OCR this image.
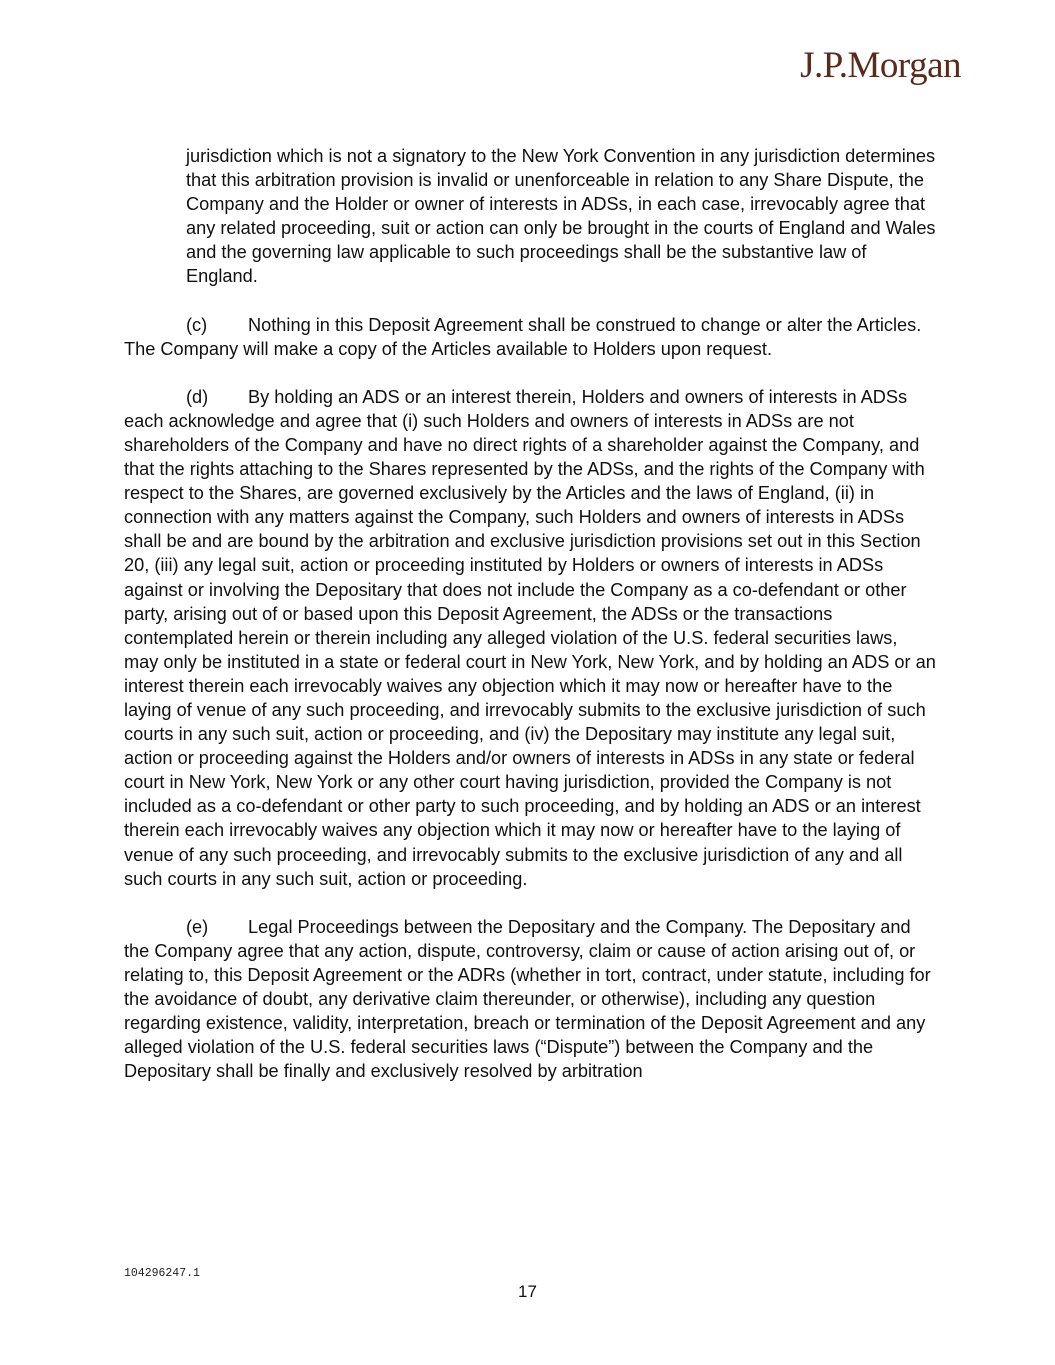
J.P.Morgan

jurisdiction which is not a signatory to the New York Convention in any jurisdiction determines that this arbitration provision is invalid or unenforceable in relation to any Share Dispute, the Company and the Holder or owner of interests in ADSs, in each case, irrevocably agree that any related proceeding, suit or action can only be brought in the courts of England and Wales and the governing law applicable to such proceedings shall be the substantive law of England.

(c) Nothing in this Deposit Agreement shall be construed to change or alter the Articles. The Company will make a copy of the Articles available to Holders upon request.

(d) By holding an ADS or an interest therein, Holders and owners of interests in ADSs each acknowledge and agree that (i) such Holders and owners of interests in ADSs are not shareholders of the Company and have no direct rights of a shareholder against the Company, and that the rights attaching to the Shares represented by the ADSs, and the rights of the Company with respect to the Shares, are governed exclusively by the Articles and the laws of England, (ii) in connection with any matters against the Company, such Holders and owners of interests in ADSs shall be and are bound by the arbitration and exclusive jurisdiction provisions set out in this Section 20, (iii) any legal suit, action or proceeding instituted by Holders or owners of interests in ADSs against or involving the Depositary that does not include the Company as a co-defendant or other party, arising out of or based upon this Deposit Agreement, the ADSs or the transactions contemplated herein or therein including any alleged violation of the U.S. federal securities laws, may only be instituted in a state or federal court in New York, New York, and by holding an ADS or an interest therein each irrevocably waives any objection which it may now or hereafter have to the laying of venue of any such proceeding, and irrevocably submits to the exclusive jurisdiction of such courts in any such suit, action or proceeding, and (iv) the Depositary may institute any legal suit, action or proceeding against the Holders and/or owners of interests in ADSs in any state or federal court in New York, New York or any other court having jurisdiction, provided the Company is not included as a co-defendant or other party to such proceeding, and by holding an ADS or an interest therein each irrevocably waives any objection which it may now or hereafter have to the laying of venue of any such proceeding, and irrevocably submits to the exclusive jurisdiction of any and all such courts in any such suit, action or proceeding.

(e) Legal Proceedings between the Depositary and the Company. The Depositary and the Company agree that any action, dispute, controversy, claim or cause of action arising out of, or relating to, this Deposit Agreement or the ADRs (whether in tort, contract, under statute, including for the avoidance of doubt, any derivative claim thereunder, or otherwise), including any question regarding existence, validity, interpretation, breach or termination of the Deposit Agreement and any alleged violation of the U.S. federal securities laws (“Dispute”) between the Company and the Depositary shall be finally and exclusively resolved by arbitration

104296247.1
17
